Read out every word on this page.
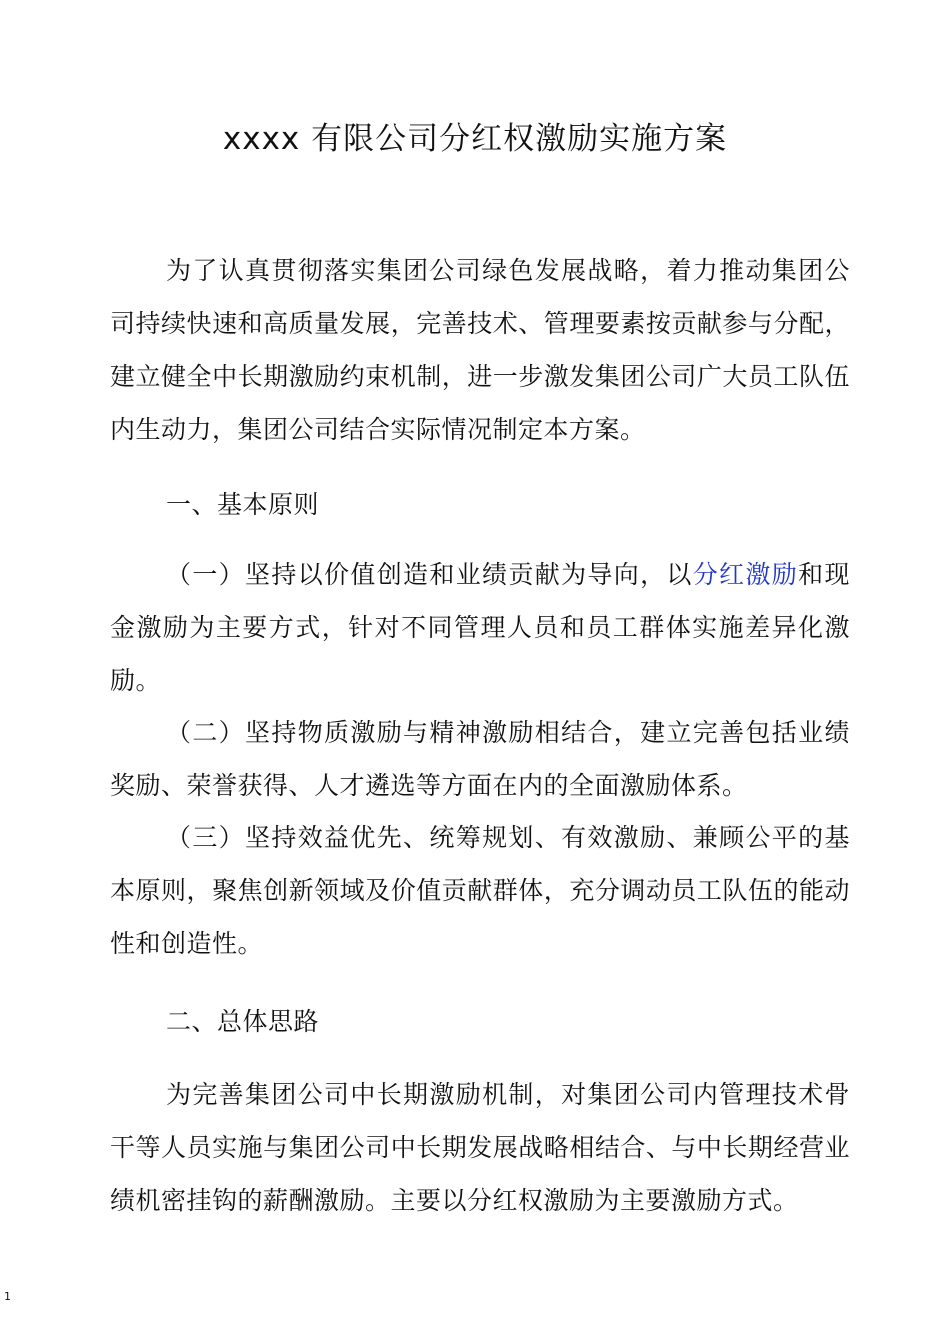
xxxx 有限公司分红权激励实施方案

为了认真贯彻落实集团公司绿色发展战略，着力推动集团公司持续快速和高质量发展，完善技术、管理要素按贡献参与分配，建立健全中长期激励约束机制，进一步激发集团公司广大员工队伍内生动力，集团公司结合实际情况制定本方案。

一、基本原则

（一）坚持以价值创造和业绩贡献为导向，以分红激励和现金激励为主要方式，针对不同管理人员和员工群体实施差异化激励。

（二）坚持物质激励与精神激励相结合，建立完善包括业绩奖励、荣誉获得、人才遴选等方面在内的全面激励体系。

（三）坚持效益优先、统筹规划、有效激励、兼顾公平的基本原则，聚焦创新领域及价值贡献群体，充分调动员工队伍的能动性和创造性。

二、总体思路

为完善集团公司中长期激励机制，对集团公司内管理技术骨干等人员实施与集团公司中长期发展战略相结合、与中长期经营业绩机密挂钩的薪酬激励。主要以分红权激励为主要激励方式。

1
